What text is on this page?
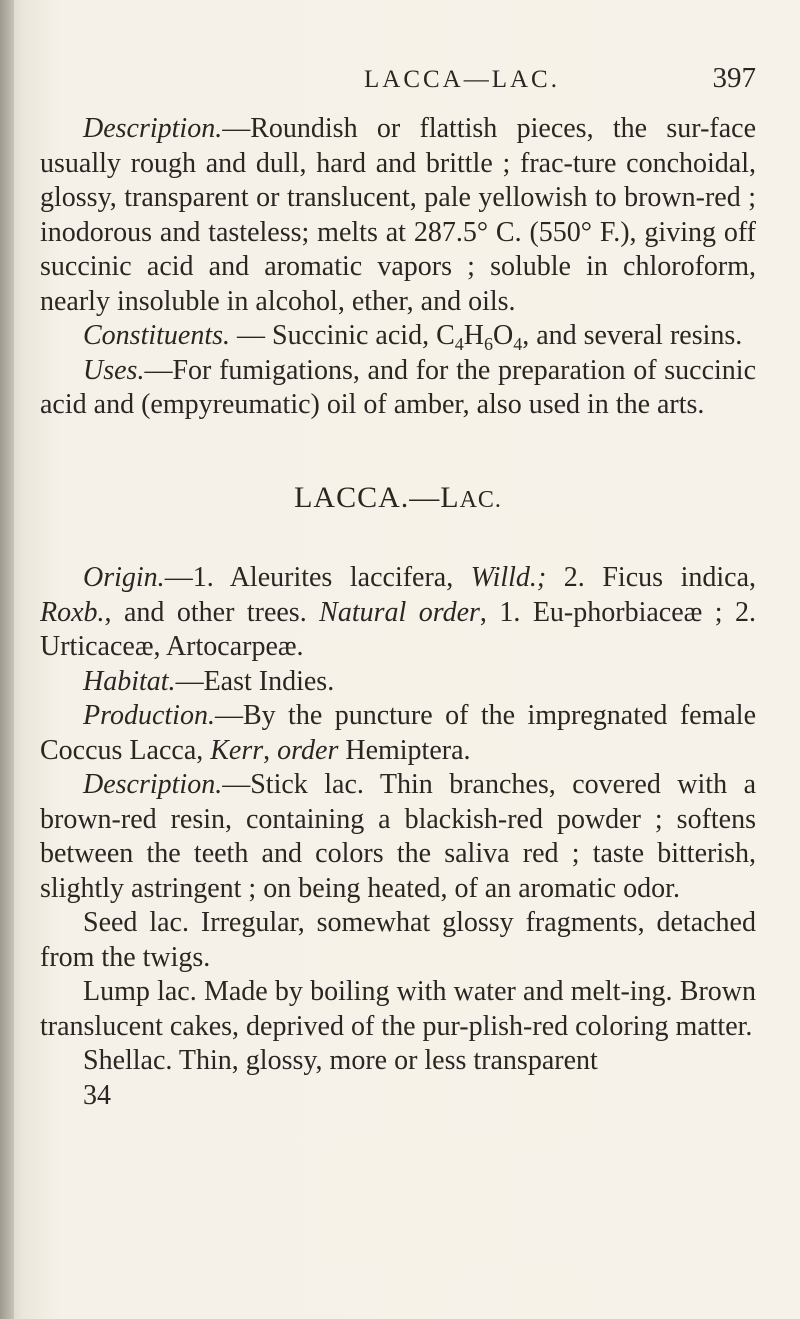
LACCA—LAC.	397

Description.—Roundish or flattish pieces, the sur-face usually rough and dull, hard and brittle ; frac-ture conchoidal, glossy, transparent or translucent, pale yellowish to brown-red ; inodorous and tasteless; melts at 287.5° C. (550° F.), giving off succinic acid and aromatic vapors ; soluble in chloroform, nearly insoluble in alcohol, ether, and oils.

Constituents. — Succinic acid, $C_4H_6O_4$, and several resins.

Uses.—For fumigations, and for the preparation of succinic acid and (empyreumatic) oil of amber, also used in the arts.

LACCA.—LAC.

Origin.—1. Aleurites laccifera, Willd.; 2. Ficus indica, Roxb., and other trees. Natural order, 1. Eu-phorbiaceæ ; 2. Urticaceæ, Artocarpeæ.

Habitat.—East Indies.

Production.—By the puncture of the impregnated female Coccus Lacca, Kerr, order Hemiptera.

Description.—Stick lac. Thin branches, covered with a brown-red resin, containing a blackish-red powder ; softens between the teeth and colors the saliva red ; taste bitterish, slightly astringent ; on being heated, of an aromatic odor.

Seed lac. Irregular, somewhat glossy fragments, detached from the twigs.

Lump lac. Made by boiling with water and melt-ing. Brown translucent cakes, deprived of the pur-plish-red coloring matter.

Shellac. Thin, glossy, more or less transparent

34
